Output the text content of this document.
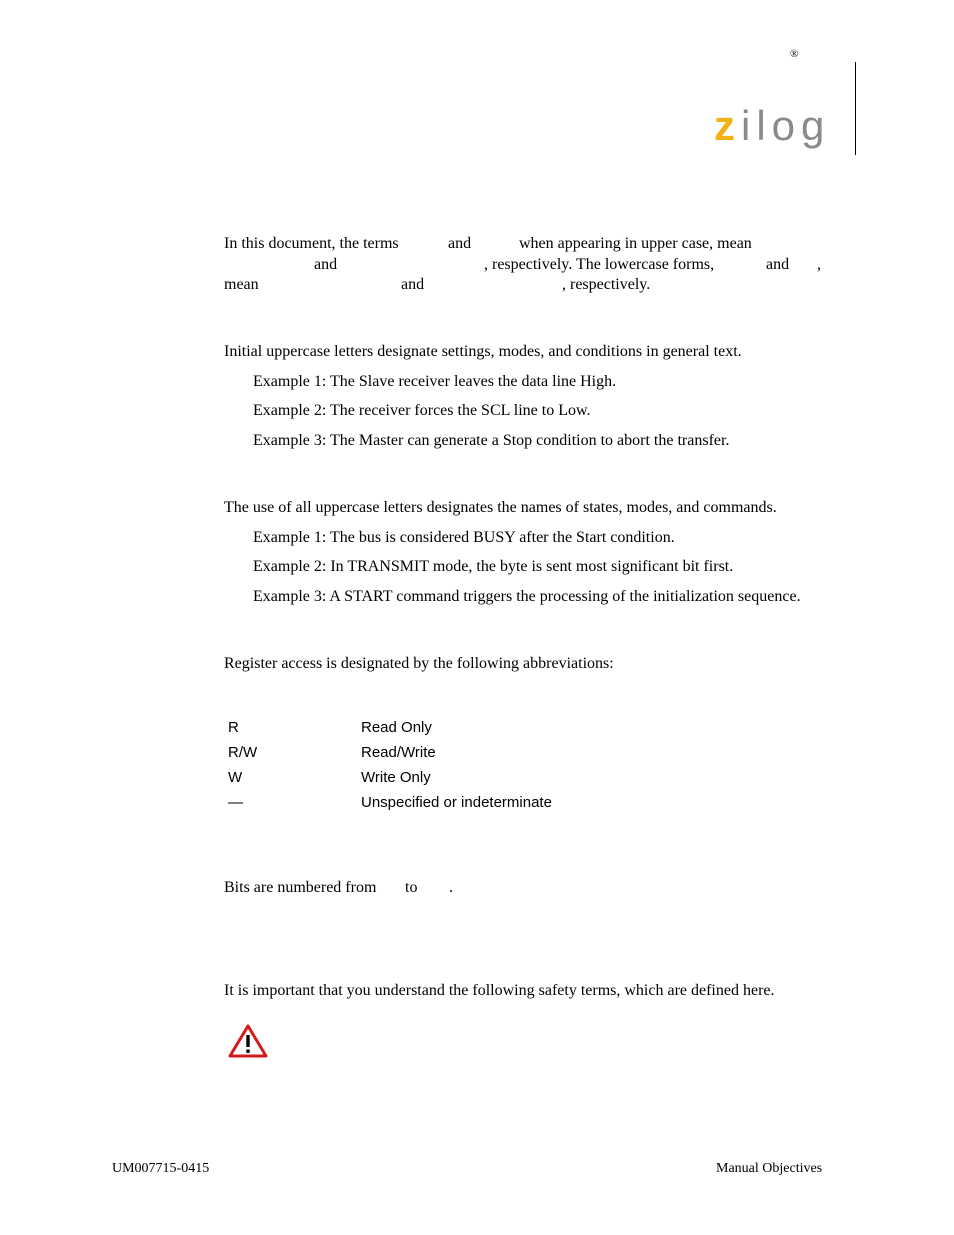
®
zilog
In this document, the terms	and	when appearing in upper case, mean
and	, respectively. The lowercase forms,	and ,
mean	and	, respectively.
Initial uppercase letters designate settings, modes, and conditions in general text.
Example 1: The Slave receiver leaves the data line High.
Example 2: The receiver forces the SCL line to Low.
Example 3: The Master can generate a Stop condition to abort the transfer.
The use of all uppercase letters designates the names of states, modes, and commands.
Example 1: The bus is considered BUSY after the Start condition.
Example 2: In TRANSMIT mode, the byte is sent most significant bit first.
Example 3: A START command triggers the processing of the initialization sequence.
Register access is designated by the following abbreviations:
R	Read Only
R/W	Read/Write
W	Write Only
—	Unspecified or indeterminate
Bits are numbered from to .
It is important that you understand the following safety terms, which are defined here.
UM007715-0415	Manual Objectives
